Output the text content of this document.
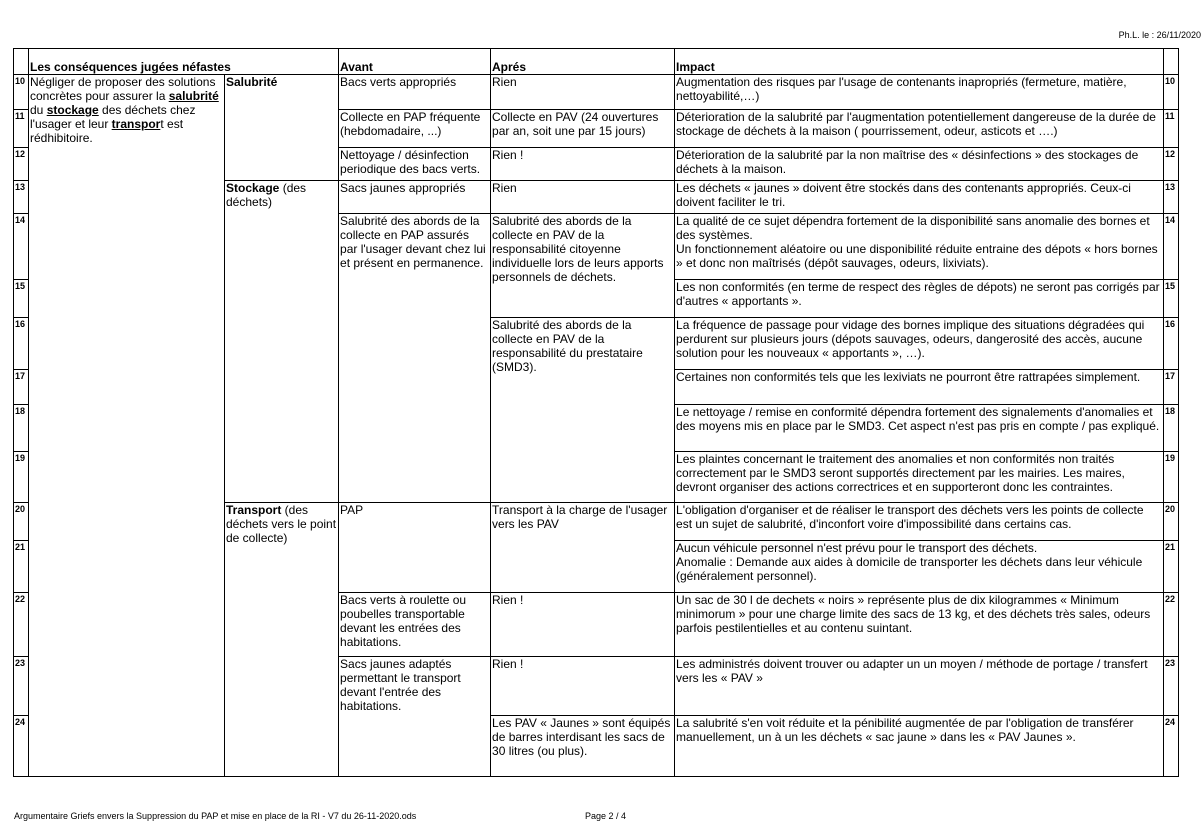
Ph.L. le : 26/11/2020
	Les conséquences jugées néfastes		Avant	Aprés	Impact	
10	Négliger de proposer des solutions concrètes pour assurer la salubrité du stockage des déchets chez l'usager et leur transport est rédhibitoire.	Salubrité	Bacs verts appropriés	Rien	Augmentation des risques par l'usage de contenants inapropriés (fermeture, matière, nettoyabilité,…)	10
11			Collecte en PAP fréquente (hebdomadaire, ...)	Collecte en PAV (24 ouvertures par an, soit une par 15 jours)	Déterioration de la salubrité par l'augmentation potentiellement dangereuse de la durée de stockage de déchets à la maison ( pourrissement, odeur, asticots et ….)	11
12			Nettoyage / désinfection periodique des bacs verts.	Rien !	Déterioration de la salubrité par la non maîtrise des « désinfections » des stockages de déchets à la maison.	12
13		Stockage (des déchets)	Sacs jaunes appropriés	Rien	Les déchets « jaunes » doivent être stockés dans des contenants appropriés. Ceux-ci doivent faciliter le tri.	13
14			Salubrité des abords de la collecte en PAP assurés par l'usager devant chez lui et présent en permanence.	Salubrité des abords de la collecte en PAV de la responsabilité citoyenne individuelle lors de leurs apports personnels de déchets.	La qualité de ce sujet dépendra fortement de la disponibilité sans anomalie des bornes et des systèmes.
Un fonctionnement aléatoire ou une disponibilité réduite entraine des dépots « hors bornes » et donc non maîtrisés (dépôt sauvages, odeurs, lixiviats).	14
15					Les non conformités (en terme de respect des règles de dépots) ne seront pas corrigés par d'autres « apportants ».	15
16				Salubrité des abords de la collecte en PAV de la responsabilité du prestataire (SMD3).	La fréquence de passage pour vidage des bornes implique des situations dégradées qui perdurent sur plusieurs jours (dépots sauvages, odeurs, dangerosité des accès, aucune solution pour les nouveaux « apportants », …).	16
17					Certaines non conformités tels que les lexiviats ne pourront être rattrapées simplement.	17
18					Le nettoyage / remise en conformité dépendra fortement des signalements d'anomalies et des moyens mis en place par le SMD3. Cet aspect n'est pas pris en compte / pas expliqué.	18
19					Les plaintes concernant le traitement des anomalies et non conformités non traités correctement par le SMD3 seront supportés directement par les mairies. Les maires, devront organiser des actions correctrices et en supporteront donc les contraintes.	19
20		Transport (des déchets vers le point de collecte)	PAP	Transport à la charge de l'usager vers les PAV	L'obligation d'organiser et de réaliser le transport des déchets vers les points de collecte est un sujet de salubrité, d'inconfort voire d'impossibilité dans certains cas.	20
21					Aucun véhicule personnel n'est prévu pour le transport des déchets.
Anomalie : Demande aux aides à domicile de transporter les déchets dans leur véhicule (généralement personnel).	21
22			Bacs verts à roulette ou poubelles transportable devant les entrées des habitations.	Rien !	Un sac de 30 l de dechets « noirs » représente plus de dix kilogrammes « Minimum minimorum » pour une charge limite des sacs de 13 kg, et des déchets très sales, odeurs parfois pestilentielles et au contenu suintant.	22
23			Sacs jaunes adaptés permettant le transport devant l'entrée des habitations.	Rien !	Les administrés doivent trouver ou adapter un un moyen / méthode de portage / transfert vers les « PAV »	23
24				Les PAV « Jaunes » sont équipés de barres interdisant les sacs de 30 litres (ou plus).	La salubrité s'en voit réduite et la pénibilité augmentée de par l'obligation de transférer manuellement, un à un les déchets « sac jaune » dans les « PAV Jaunes ».	24
Argumentaire Griefs envers la Suppression du PAP et mise en place de la RI - V7 du 26-11-2020.ods	Page 2 / 4
